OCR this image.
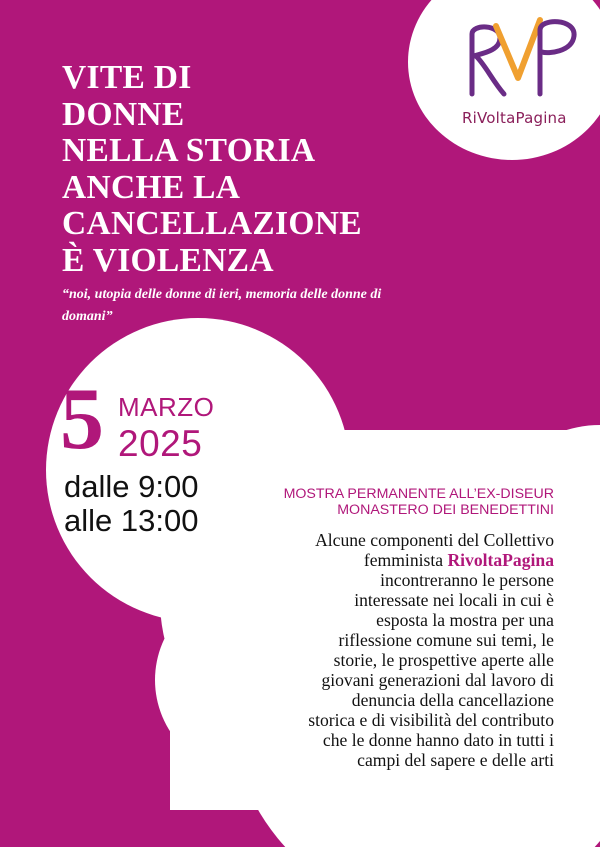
RiVoltaPagina
VITE DI
DONNE
NELLA STORIA
ANCHE LA
CANCELLAZIONE
È VIOLENZA

“noi, utopia delle donne di ieri, memoria delle donne di domani”

5 MARZO
2025
dalle 9:00
alle 13:00
MOSTRA PERMANENTE ALL’EX-DISEUR
MONASTERO DEI BENEDETTINI

Alcune componenti del Collettivo
femminista RivoltaPagina
incontreranno le persone
interessate nei locali in cui è
esposta la mostra per una
riflessione comune sui temi, le
storie, le prospettive aperte alle
giovani generazioni dal lavoro di
denuncia della cancellazione
storica e di visibilità del contributo
che le donne hanno dato in tutti i
campi del sapere e delle arti
